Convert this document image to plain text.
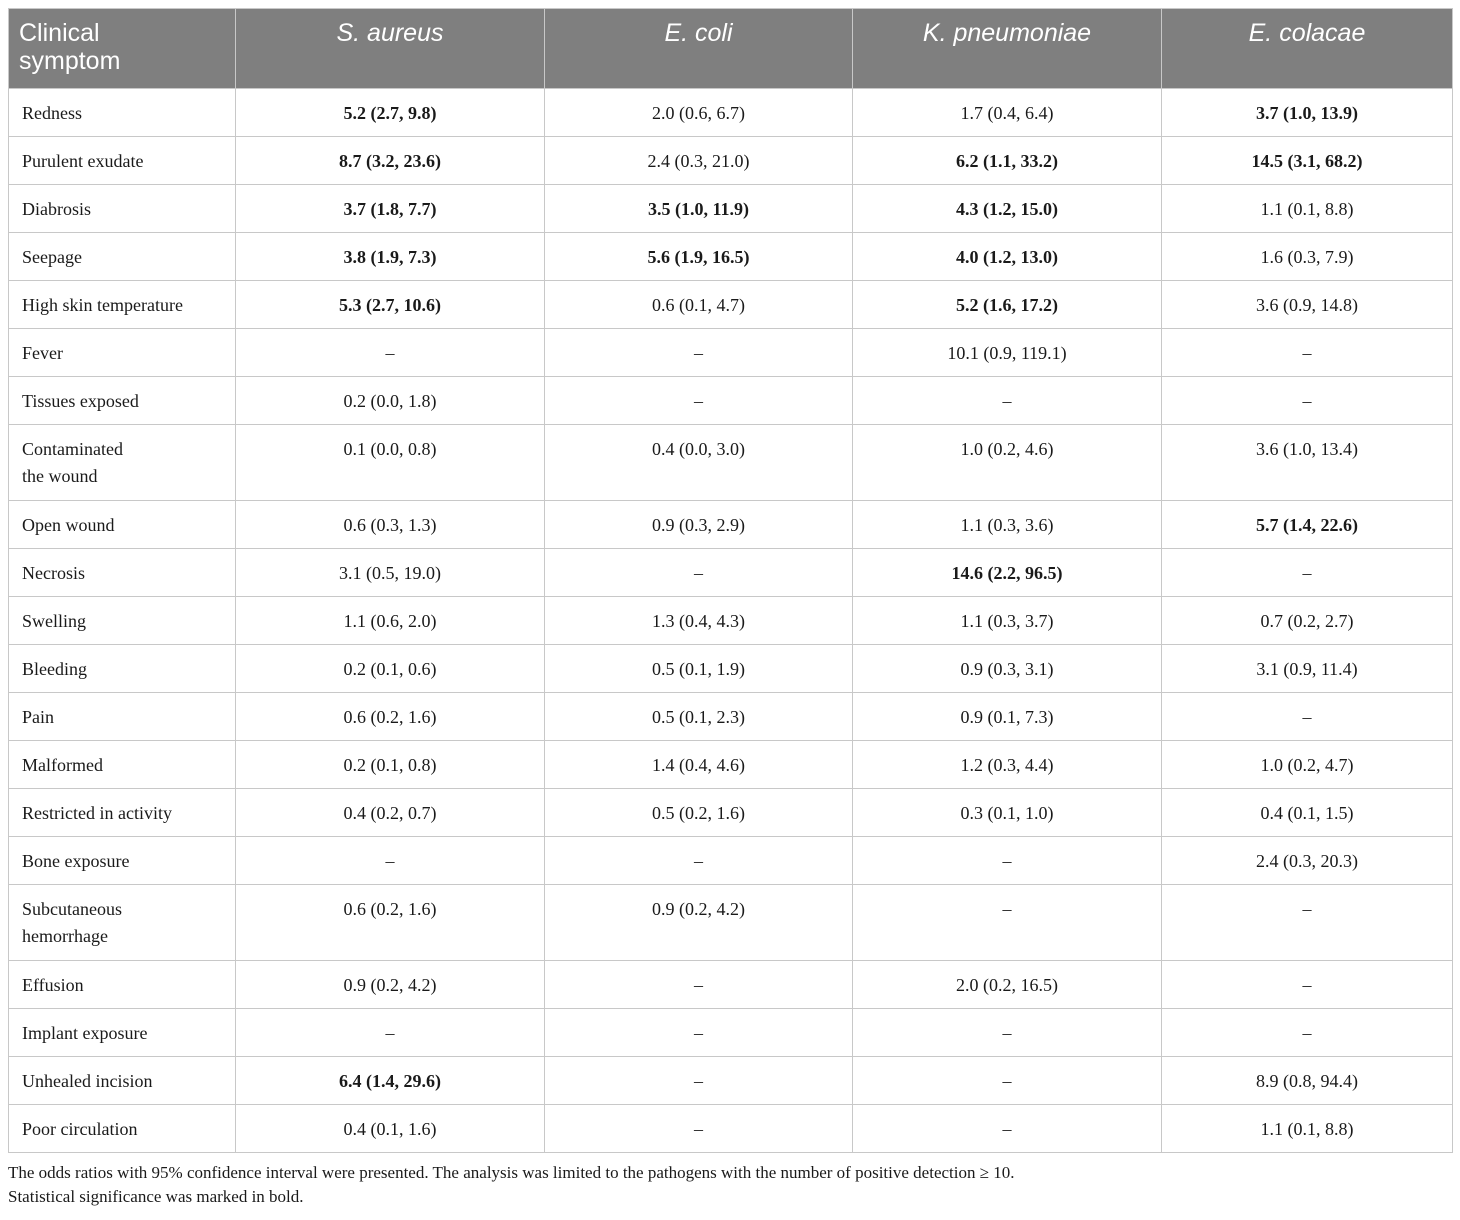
Clinical symptom	S. aureus	E. coli	K. pneumoniae	E. colacae

Redness	5.2 (2.7, 9.8)	2.0 (0.6, 6.7)	1.7 (0.4, 6.4)	3.7 (1.0, 13.9)
Purulent exudate	8.7 (3.2, 23.6)	2.4 (0.3, 21.0)	6.2 (1.1, 33.2)	14.5 (3.1, 68.2)
Diabrosis	3.7 (1.8, 7.7)	3.5 (1.0, 11.9)	4.3 (1.2, 15.0)	1.1 (0.1, 8.8)
Seepage	3.8 (1.9, 7.3)	5.6 (1.9, 16.5)	4.0 (1.2, 13.0)	1.6 (0.3, 7.9)
High skin temperature	5.3 (2.7, 10.6)	0.6 (0.1, 4.7)	5.2 (1.6, 17.2)	3.6 (0.9, 14.8)
Fever	–	–	10.1 (0.9, 119.1)	–
Tissues exposed	0.2 (0.0, 1.8)	–	–	–
Contaminated
the wound	0.1 (0.0, 0.8)	0.4 (0.0, 3.0)	1.0 (0.2, 4.6)	3.6 (1.0, 13.4)
Open wound	0.6 (0.3, 1.3)	0.9 (0.3, 2.9)	1.1 (0.3, 3.6)	5.7 (1.4, 22.6)
Necrosis	3.1 (0.5, 19.0)	–	14.6 (2.2, 96.5)	–
Swelling	1.1 (0.6, 2.0)	1.3 (0.4, 4.3)	1.1 (0.3, 3.7)	0.7 (0.2, 2.7)
Bleeding	0.2 (0.1, 0.6)	0.5 (0.1, 1.9)	0.9 (0.3, 3.1)	3.1 (0.9, 11.4)
Pain	0.6 (0.2, 1.6)	0.5 (0.1, 2.3)	0.9 (0.1, 7.3)	–
Malformed	0.2 (0.1, 0.8)	1.4 (0.4, 4.6)	1.2 (0.3, 4.4)	1.0 (0.2, 4.7)
Restricted in activity	0.4 (0.2, 0.7)	0.5 (0.2, 1.6)	0.3 (0.1, 1.0)	0.4 (0.1, 1.5)
Bone exposure	–	–	–	2.4 (0.3, 20.3)
Subcutaneous
hemorrhage	0.6 (0.2, 1.6)	0.9 (0.2, 4.2)	–	–
Effusion	0.9 (0.2, 4.2)	–	2.0 (0.2, 16.5)	–
Implant exposure	–	–	–	–
Unhealed incision	6.4 (1.4, 29.6)	–	–	8.9 (0.8, 94.4)
Poor circulation	0.4 (0.1, 1.6)	–	–	1.1 (0.1, 8.8)
The odds ratios with 95% confidence interval were presented. The analysis was limited to the pathogens with the number of positive detection ≥ 10.
Statistical significance was marked in bold.
